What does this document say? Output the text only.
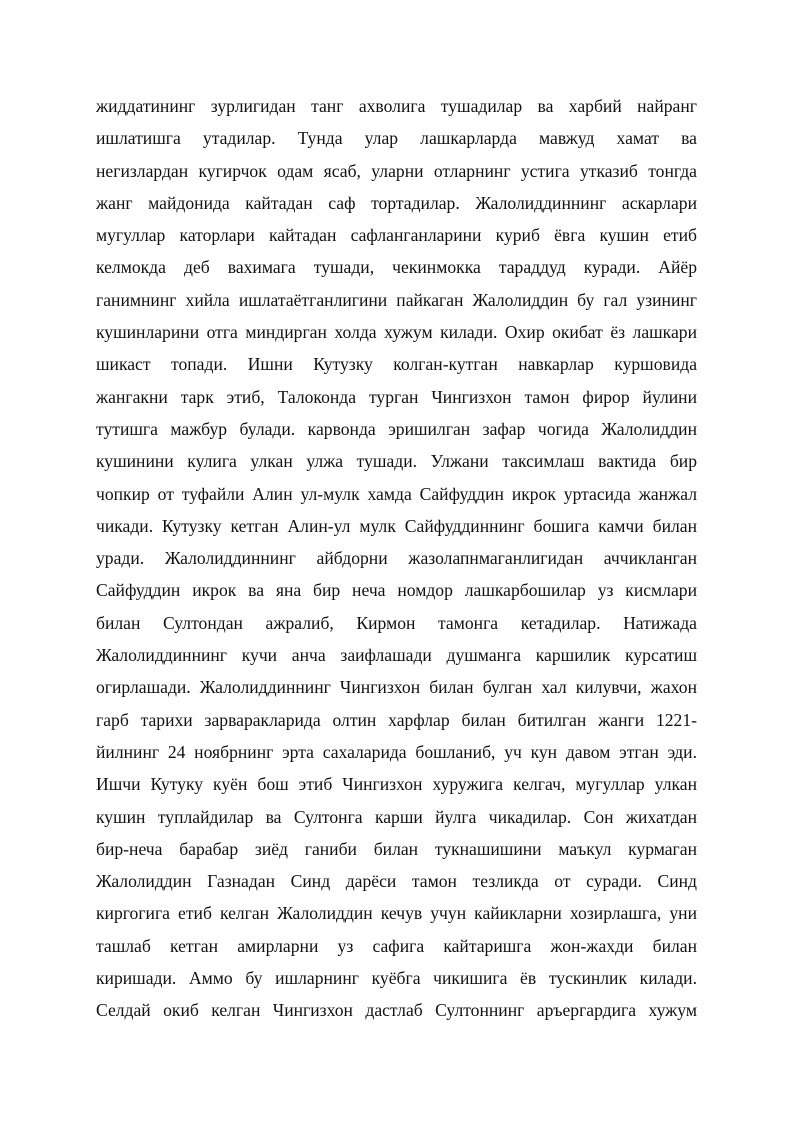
жиддатининг зурлигидан танг ахволига тушадилар ва харбий найранг
ишлатишга утадилар. Тунда улар лашкарларда мавжуд хамат ва
негизлардан кугирчок одам ясаб, уларни отларнинг устига утказиб тонгда
жанг майдонида кайтадан саф тортадилар. Жалолиддиннинг аскарлари
мугуллар каторлари кайтадан сафланганларини куриб ёвга кушин етиб
келмокда деб вахимага тушади, чекинмокка тараддуд куради. Айёр
ганимнинг хийла ишлатаётганлигини пайкаган Жалолиддин бу гал узининг
кушинларини отга миндирган холда хужум килади. Охир окибат ёз лашкари
шикаст топади. Ишни Кутузку колган-кутган навкарлар куршовида
жангакни тарк этиб, Талоконда турган Чингизхон тамон фирор йулини
тутишга мажбур булади. карвонда эришилган зафар чогида Жалолиддин
кушинини кулига улкан улжа тушади. Улжани таксимлаш вактида бир
чопкир от туфайли Алин ул-мулк хамда Сайфуддин икрок уртасида жанжал
чикади. Кутузку кетган Алин-ул мулк Сайфуддиннинг бошига камчи билан
уради. Жалолиддиннинг айбдорни жазолапнмаганлигидан аччикланган
Сайфуддин икрок ва яна бир неча номдор лашкарбошилар уз кисмлари
билан Султондан ажралиб, Кирмон тамонга кетадилар. Натижада
Жалолиддиннинг кучи анча заифлашади душманга каршилик курсатиш
огирлашади. Жалолиддиннинг Чингизхон билан булган хал килувчи, жахон
гарб тарихи зарваракларида олтин харфлар билан битилган жанги 1221-
йилнинг 24 ноябрнинг эрта сахаларида бошланиб, уч кун давом этган эди.
Ишчи Кутуку куён бош этиб Чингизхон хуружига келгач, мугуллар улкан
кушин туплайдилар ва Султонга карши йулга чикадилар. Сон жихатдан
бир-неча барабар зиёд ганиби билан тукнашишини маъкул курмаган
Жалолиддин Газнадан Синд дарёси тамон тезликда от суради. Синд
киргогига етиб келган Жалолиддин кечув учун кайикларни хозирлашга, уни
ташлаб кетган амирларни уз сафига кайтаришга жон-жахди билан
киришади. Аммо бу ишларнинг куёбга чикишига ёв тускинлик килади.
Селдай окиб келган Чингизхон дастлаб Султоннинг аръергардига хужум
